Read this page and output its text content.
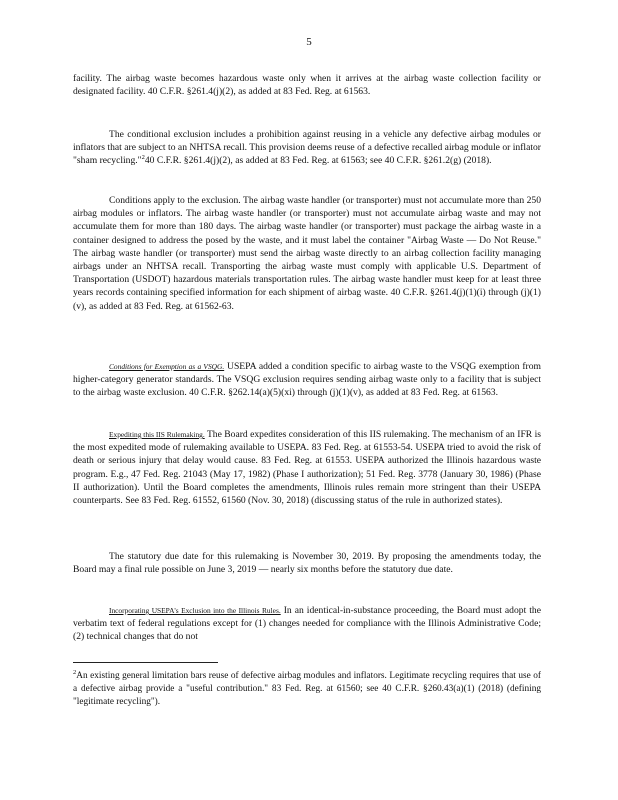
5
facility. The airbag waste becomes hazardous waste only when it arrives at the airbag waste collection facility or designated facility. 40 C.F.R. §261.4(j)(2), as added at 83 Fed. Reg. at 61563.
The conditional exclusion includes a prohibition against reusing in a vehicle any defective airbag modules or inflators that are subject to an NHTSA recall. This provision deems reuse of a defective recalled airbag module or inflator "sham recycling."$^2$40 C.F.R. §261.4(j)(2), as added at 83 Fed. Reg. at 61563; see 40 C.F.R. §261.2(g) (2018).
Conditions apply to the exclusion. The airbag waste handler (or transporter) must not accumulate more than 250 airbag modules or inflators. The airbag waste handler (or transporter) must not accumulate airbag waste and may not accumulate them for more than 180 days. The airbag waste handler (or transporter) must package the airbag waste in a container designed to address the posed by the waste, and it must label the container "Airbag Waste — Do Not Reuse." The airbag waste handler (or transporter) must send the airbag waste directly to an airbag collection facility managing airbags under an NHTSA recall. Transporting the airbag waste must comply with applicable U.S. Department of Transportation (USDOT) hazardous materials transportation rules. The airbag waste handler must keep for at least three years records containing specified information for each shipment of airbag waste. 40 C.F.R. §261.4(j)(1)(i) through (j)(1)(v), as added at 83 Fed. Reg. at 61562-63.
Conditions for Exemption as a VSQG. USEPA added a condition specific to airbag waste to the VSQG exemption from higher-category generator standards. The VSQG exclusion requires sending airbag waste only to a facility that is subject to the airbag waste exclusion. 40 C.F.R. §262.14(a)(5)(xi) through (j)(1)(v), as added at 83 Fed. Reg. at 61563.
Expediting this IIS Rulemaking. The Board expedites consideration of this IIS rulemaking. The mechanism of an IFR is the most expedited mode of rulemaking available to USEPA. 83 Fed. Reg. at 61553-54. USEPA tried to avoid the risk of death or serious injury that delay would cause. 83 Fed. Reg. at 61553. USEPA authorized the Illinois hazardous waste program. E.g., 47 Fed. Reg. 21043 (May 17, 1982) (Phase I authorization); 51 Fed. Reg. 3778 (January 30, 1986) (Phase II authorization). Until the Board completes the amendments, Illinois rules remain more stringent than their USEPA counterparts. See 83 Fed. Reg. 61552, 61560 (Nov. 30, 2018) (discussing status of the rule in authorized states).
The statutory due date for this rulemaking is November 30, 2019. By proposing the amendments today, the Board may a final rule possible on June 3, 2019 — nearly six months before the statutory due date.
Incorporating USEPA's Exclusion into the Illinois Rules. In an identical-in-substance proceeding, the Board must adopt the verbatim text of federal regulations except for (1) changes needed for compliance with the Illinois Administrative Code; (2) technical changes that do not
$^2$An existing general limitation bars reuse of defective airbag modules and inflators. Legitimate recycling requires that use of a defective airbag provide a "useful contribution." 83 Fed. Reg. at 61560; see 40 C.F.R. §260.43(a)(1) (2018) (defining "legitimate recycling").
